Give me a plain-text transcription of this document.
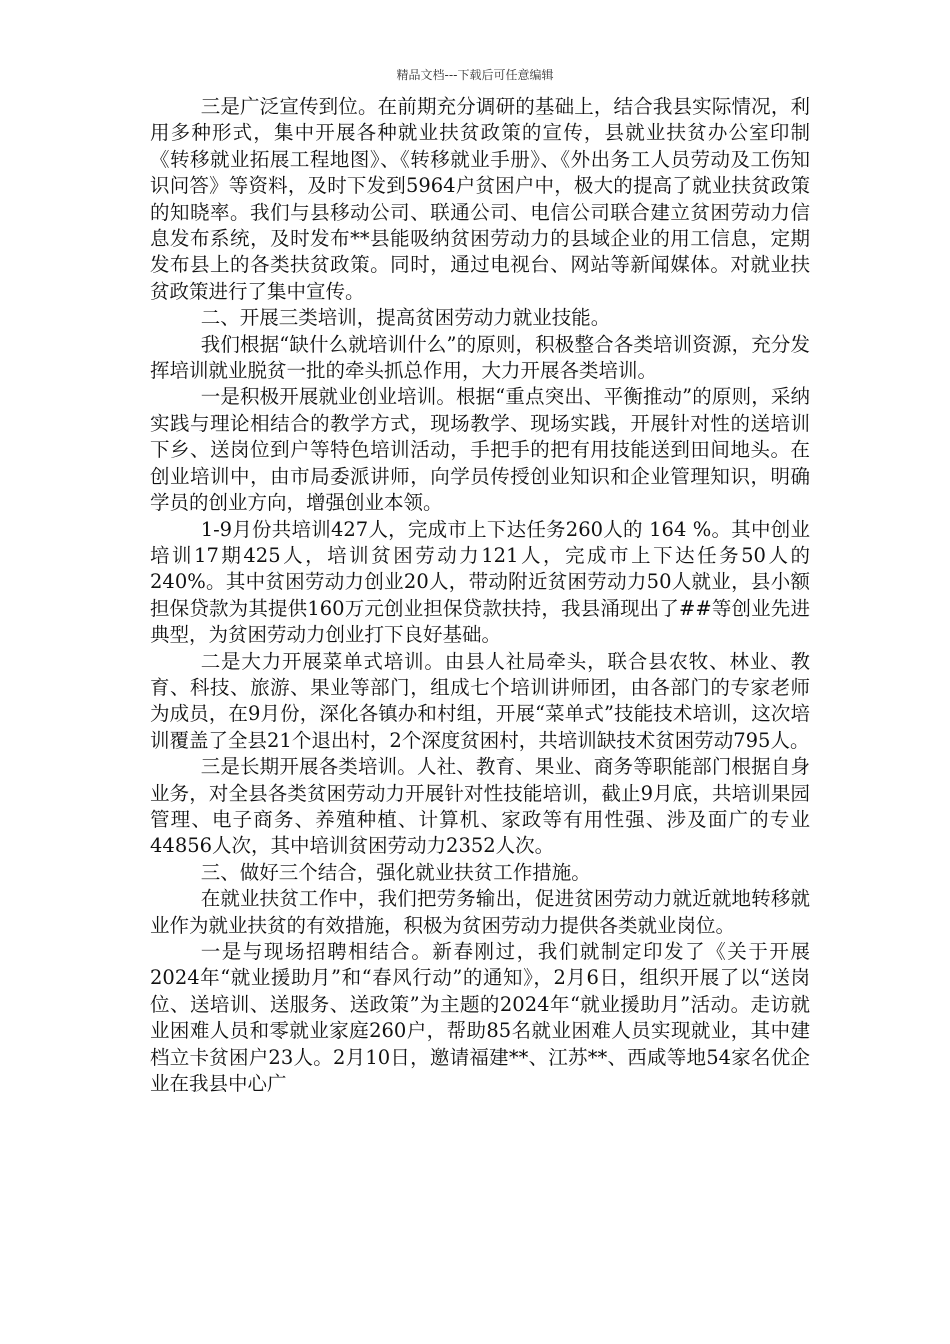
精品文档---下载后可任意编辑

三是广泛宣传到位。在前期充分调研的基础上，结合我县实际情况，利用多种形式，集中开展各种就业扶贫政策的宣传，县就业扶贫办公室印制《转移就业拓展工程地图》、《转移就业手册》、《外出务工人员劳动及工伤知识问答》等资料，及时下发到5964户贫困户中，极大的提高了就业扶贫政策的知晓率。我们与县移动公司、联通公司、电信公司联合建立贫困劳动力信息发布系统，及时发布**县能吸纳贫困劳动力的县域企业的用工信息，定期发布县上的各类扶贫政策。同时，通过电视台、网站等新闻媒体。对就业扶贫政策进行了集中宣传。

二、开展三类培训，提高贫困劳动力就业技能。

我们根据“缺什么就培训什么”的原则，积极整合各类培训资源，充分发挥培训就业脱贫一批的牵头抓总作用，大力开展各类培训。

一是积极开展就业创业培训。根据“重点突出、平衡推动”的原则，采纳实践与理论相结合的教学方式，现场教学、现场实践，开展针对性的送培训下乡、送岗位到户等特色培训活动，手把手的把有用技能送到田间地头。在创业培训中，由市局委派讲师，向学员传授创业知识和企业管理知识，明确学员的创业方向，增强创业本领。

1-9月份共培训427人，完成市上下达任务260人的 164 %。其中创业培训17期425人，培训贫困劳动力121人，完成市上下达任务50人的240%。其中贫困劳动力创业20人，带动附近贫困劳动力50人就业，县小额担保贷款为其提供160万元创业担保贷款扶持，我县涌现出了##等创业先进典型，为贫困劳动力创业打下良好基础。

二是大力开展菜单式培训。由县人社局牵头，联合县农牧、林业、教育、科技、旅游、果业等部门，组成七个培训讲师团，由各部门的专家老师为成员，在9月份，深化各镇办和村组，开展“菜单式”技能技术培训，这次培训覆盖了全县21个退出村，2个深度贫困村，共培训缺技术贫困劳动795人。

三是长期开展各类培训。人社、教育、果业、商务等职能部门根据自身业务，对全县各类贫困劳动力开展针对性技能培训，截止9月底，共培训果园管理、电子商务、养殖种植、计算机、家政等有用性强、涉及面广的专业44856人次，其中培训贫困劳动力2352人次。

三、做好三个结合，强化就业扶贫工作措施。

在就业扶贫工作中，我们把劳务输出，促进贫困劳动力就近就地转移就业作为就业扶贫的有效措施，积极为贫困劳动力提供各类就业岗位。

一是与现场招聘相结合。新春刚过，我们就制定印发了《关于开展2024年“就业援助月”和“春风行动”的通知》，2月6日，组织开展了以“送岗位、送培训、送服务、送政策”为主题的2024年“就业援助月”活动。走访就业困难人员和零就业家庭260户，帮助85名就业困难人员实现就业，其中建档立卡贫困户23人。2月10日，邀请福建**、江苏**、西咸等地54家名优企业在我县中心广
